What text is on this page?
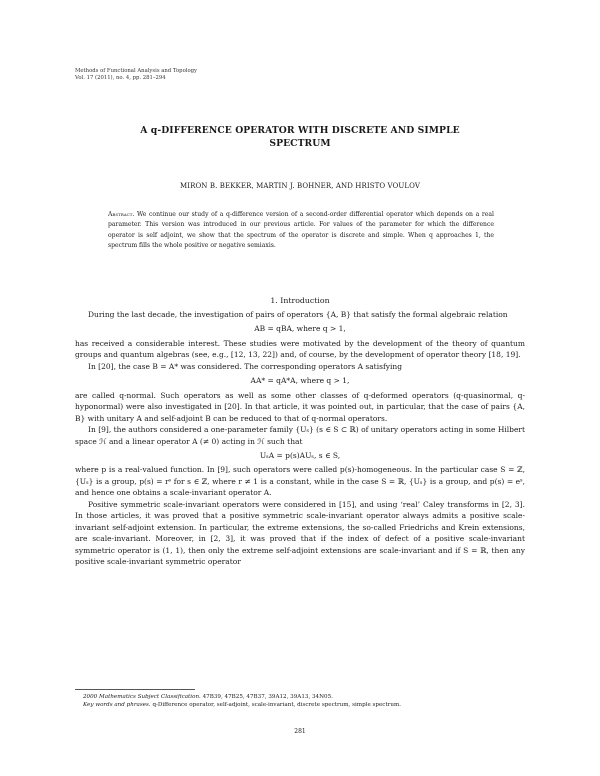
Methods of Functional Analysis and Topology
Vol. 17 (2011), no. 4, pp. 281–294
A q-DIFFERENCE OPERATOR WITH DISCRETE AND SIMPLE
SPECTRUM
MIRON B. BEKKER, MARTIN J. BOHNER, AND HRISTO VOULOV
Abstract. We continue our study of a q-difference version of a second-order differential operator which depends on a real parameter. This version was introduced in our previous article. For values of the parameter for which the difference operator is self adjoint, we show that the spectrum of the operator is discrete and simple. When q approaches 1, the spectrum fills the whole positive or negative semiaxis.
1. Introduction

During the last decade, the investigation of pairs of operators {A, B} that satisfy the formal algebraic relation

AB = qBA, where q > 1,

has received a considerable interest. These studies were motivated by the development of the theory of quantum groups and quantum algebras (see, e.g., [12, 13, 22]) and, of course, by the development of operator theory [18, 19].

In [20], the case B = A* was considered. The corresponding operators A satisfying

AA* = qA*A, where q > 1,

are called q-normal. Such operators as well as some other classes of q-deformed operators (q-quasinormal, q-hyponormal) were also investigated in [20]. In that article, it was pointed out, in particular, that the case of pairs {A, B} with unitary A and self-adjoint B can be reduced to that of q-normal operators.

In [9], the authors considered a one-parameter family {Uₛ} (s ∈ S ⊂ ℝ) of unitary operators acting in some Hilbert space ℋ and a linear operator A (≠ 0) acting in ℋ such that

UₛA = p(s)AUₛ, s ∈ S,

where p is a real-valued function. In [9], such operators were called p(s)-homogeneous. In the particular case S = ℤ, {Uₛ} is a group, p(s) = rˢ for s ∈ ℤ, where r ≠ 1 is a constant, while in the case S = ℝ, {Uₛ} is a group, and p(s) = eˢ, and hence one obtains a scale-invariant operator A.

Positive symmetric scale-invariant operators were considered in [15], and using ‘real’ Caley transforms in [2, 3]. In those articles, it was proved that a positive symmetric scale-invariant operator always admits a positive scale-invariant self-adjoint extension. In particular, the extreme extensions, the so-called Friedrichs and Krein extensions, are scale-invariant. Moreover, in [2, 3], it was proved that if the index of defect of a positive scale-invariant symmetric operator is (1, 1), then only the extreme self-adjoint extensions are scale-invariant and if S = ℝ, then any positive scale-invariant symmetric operator

2000 Mathematics Subject Classification. 47B39, 47B25, 47B37, 39A12, 39A13, 34N05.

Key words and phrases. q-Difference operator, self-adjoint, scale-invariant, discrete spectrum, simple spectrum.

281
